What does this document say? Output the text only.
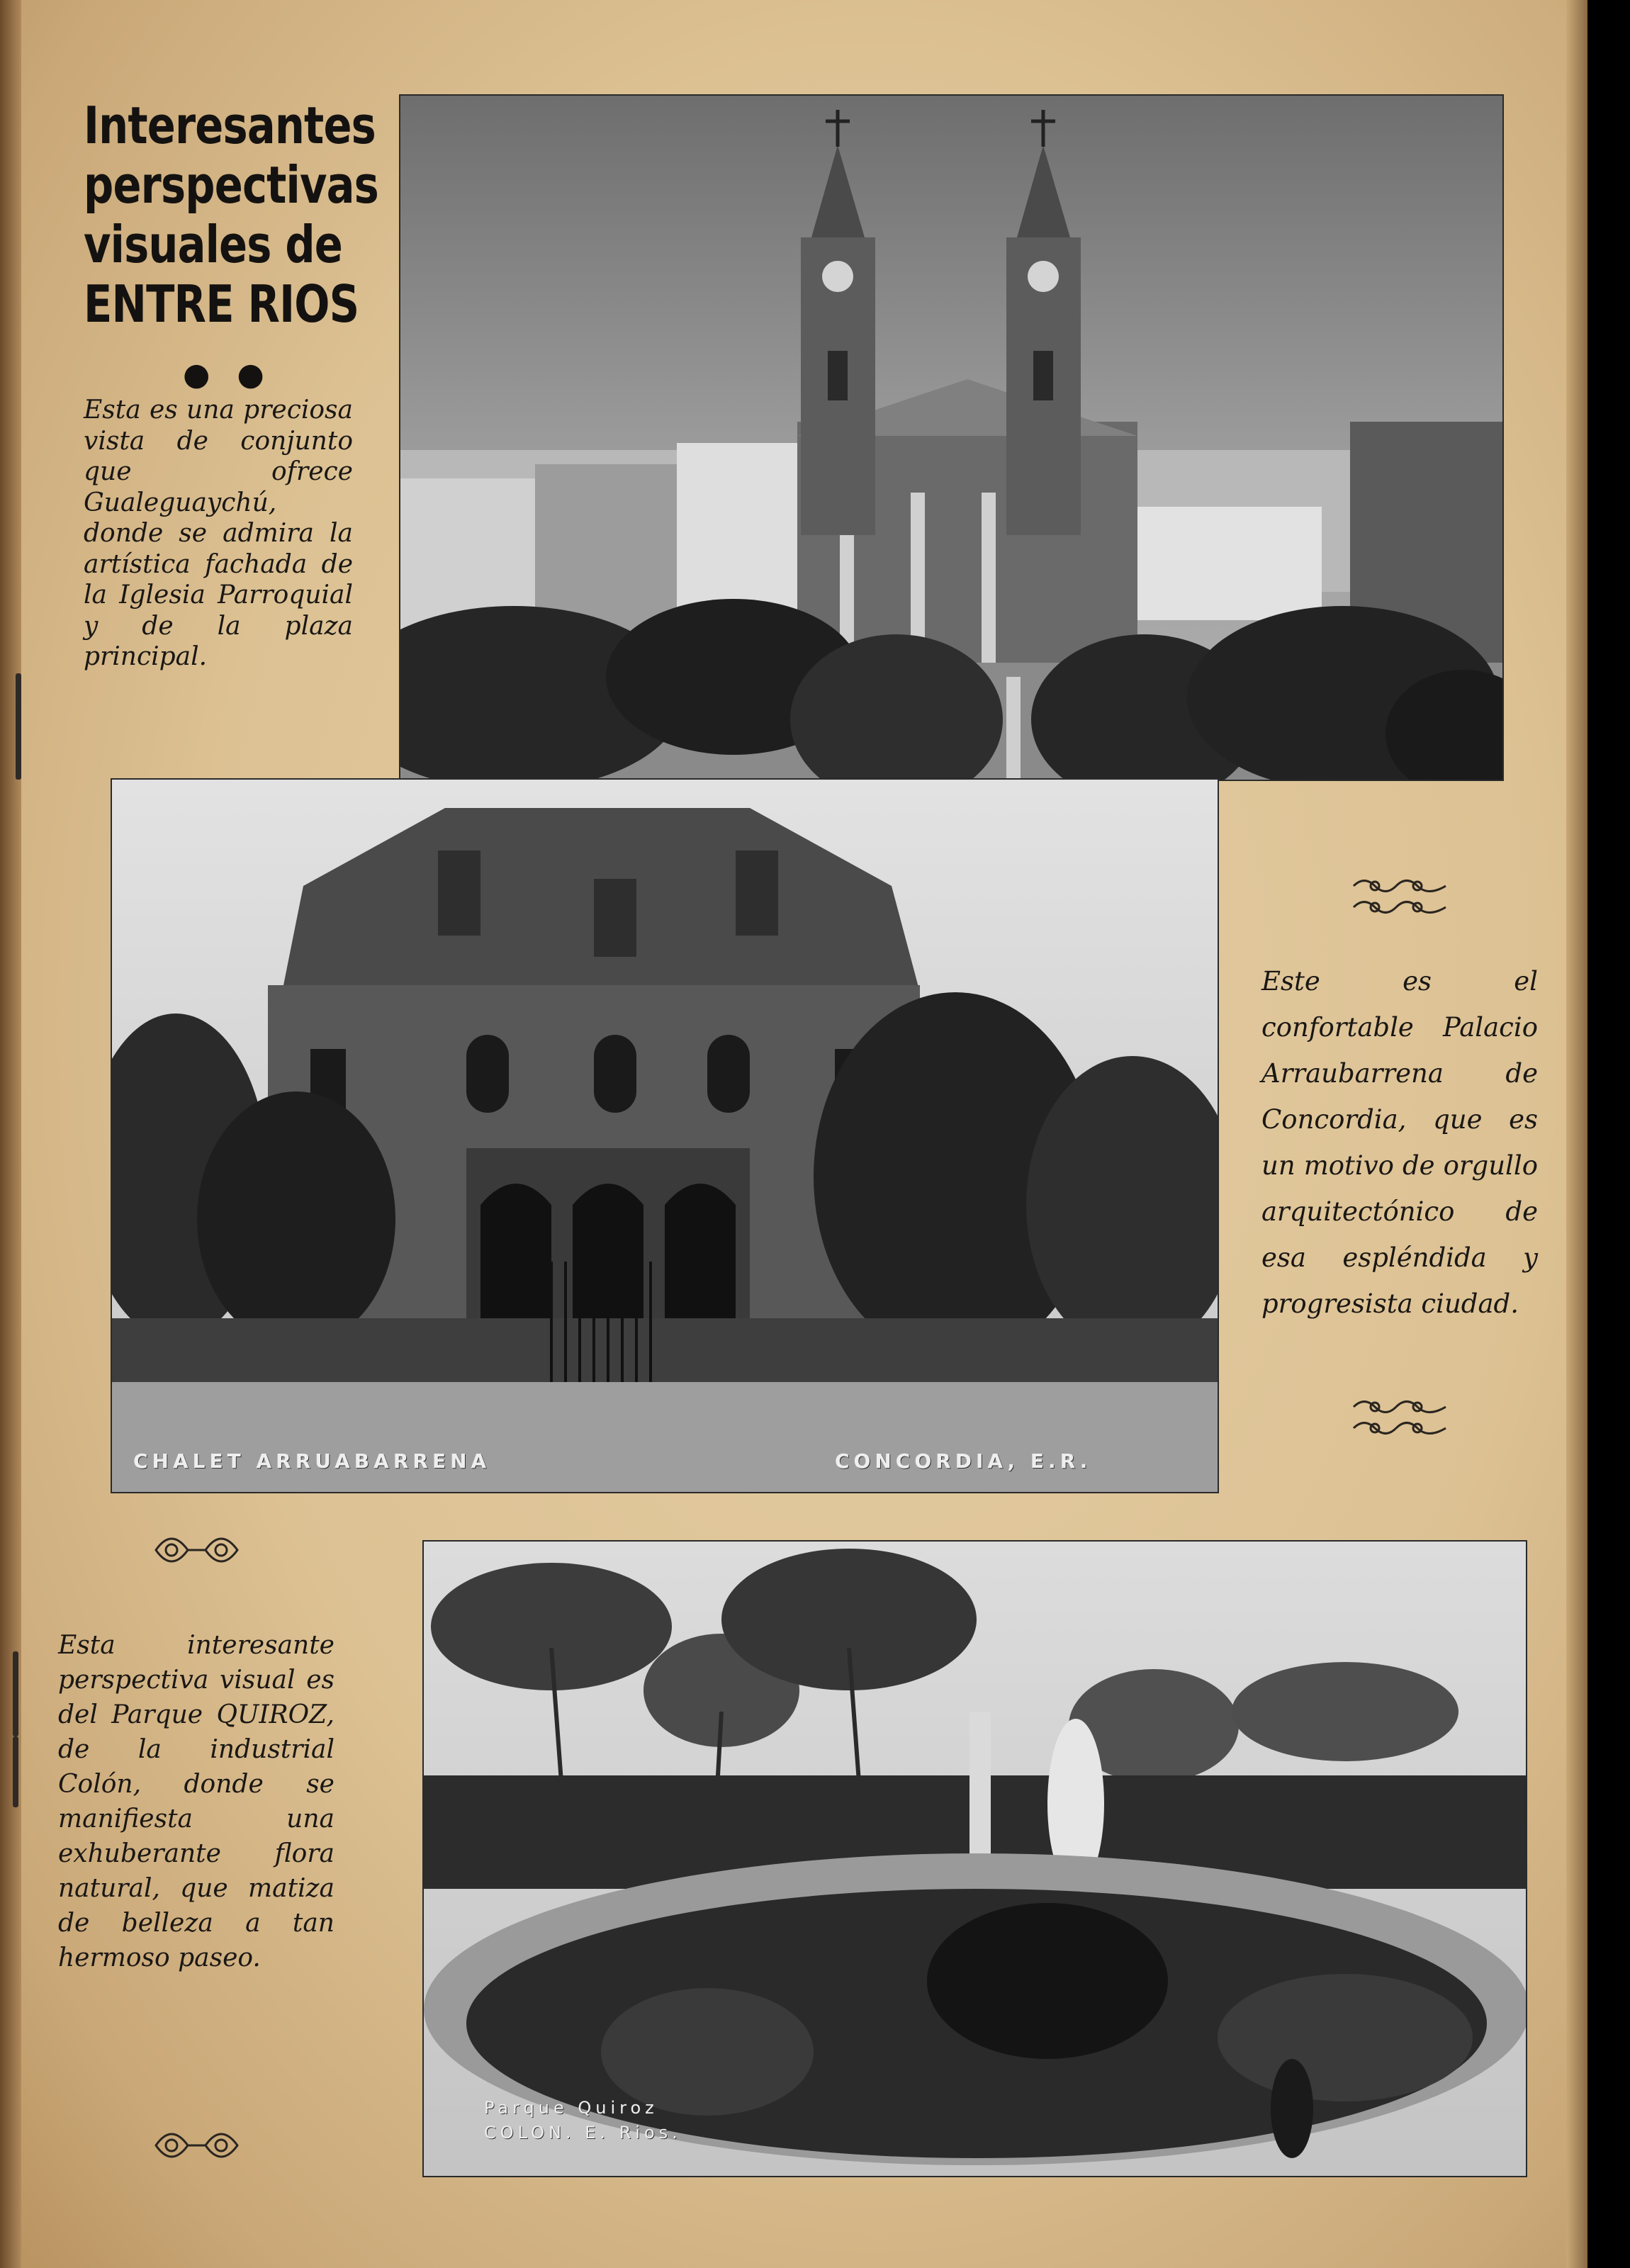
Interesantes
perspectivas
visuales de
ENTRE RIOS
● ●
Esta es una preciosa vista de conjunto que ofrece Gualeguaychú, donde se admira la artística fachada de la Iglesia Parroquial y de la plaza principal.
Este es el confortable Palacio Arraubarrena de Concordia, que es un motivo de orgullo arquitectónico de esa espléndida y progresista ciudad.
Esta interesante perspectiva visual es del Parque QUIROZ, de la industrial Colón, donde se manifiesta una exhuberante flora natural, que matiza de belleza a tan hermoso paseo.
CHALET ARRUABARRENA	CONCORDIA, E.R.
Parque Quiroz
COLON. E. Rios.
